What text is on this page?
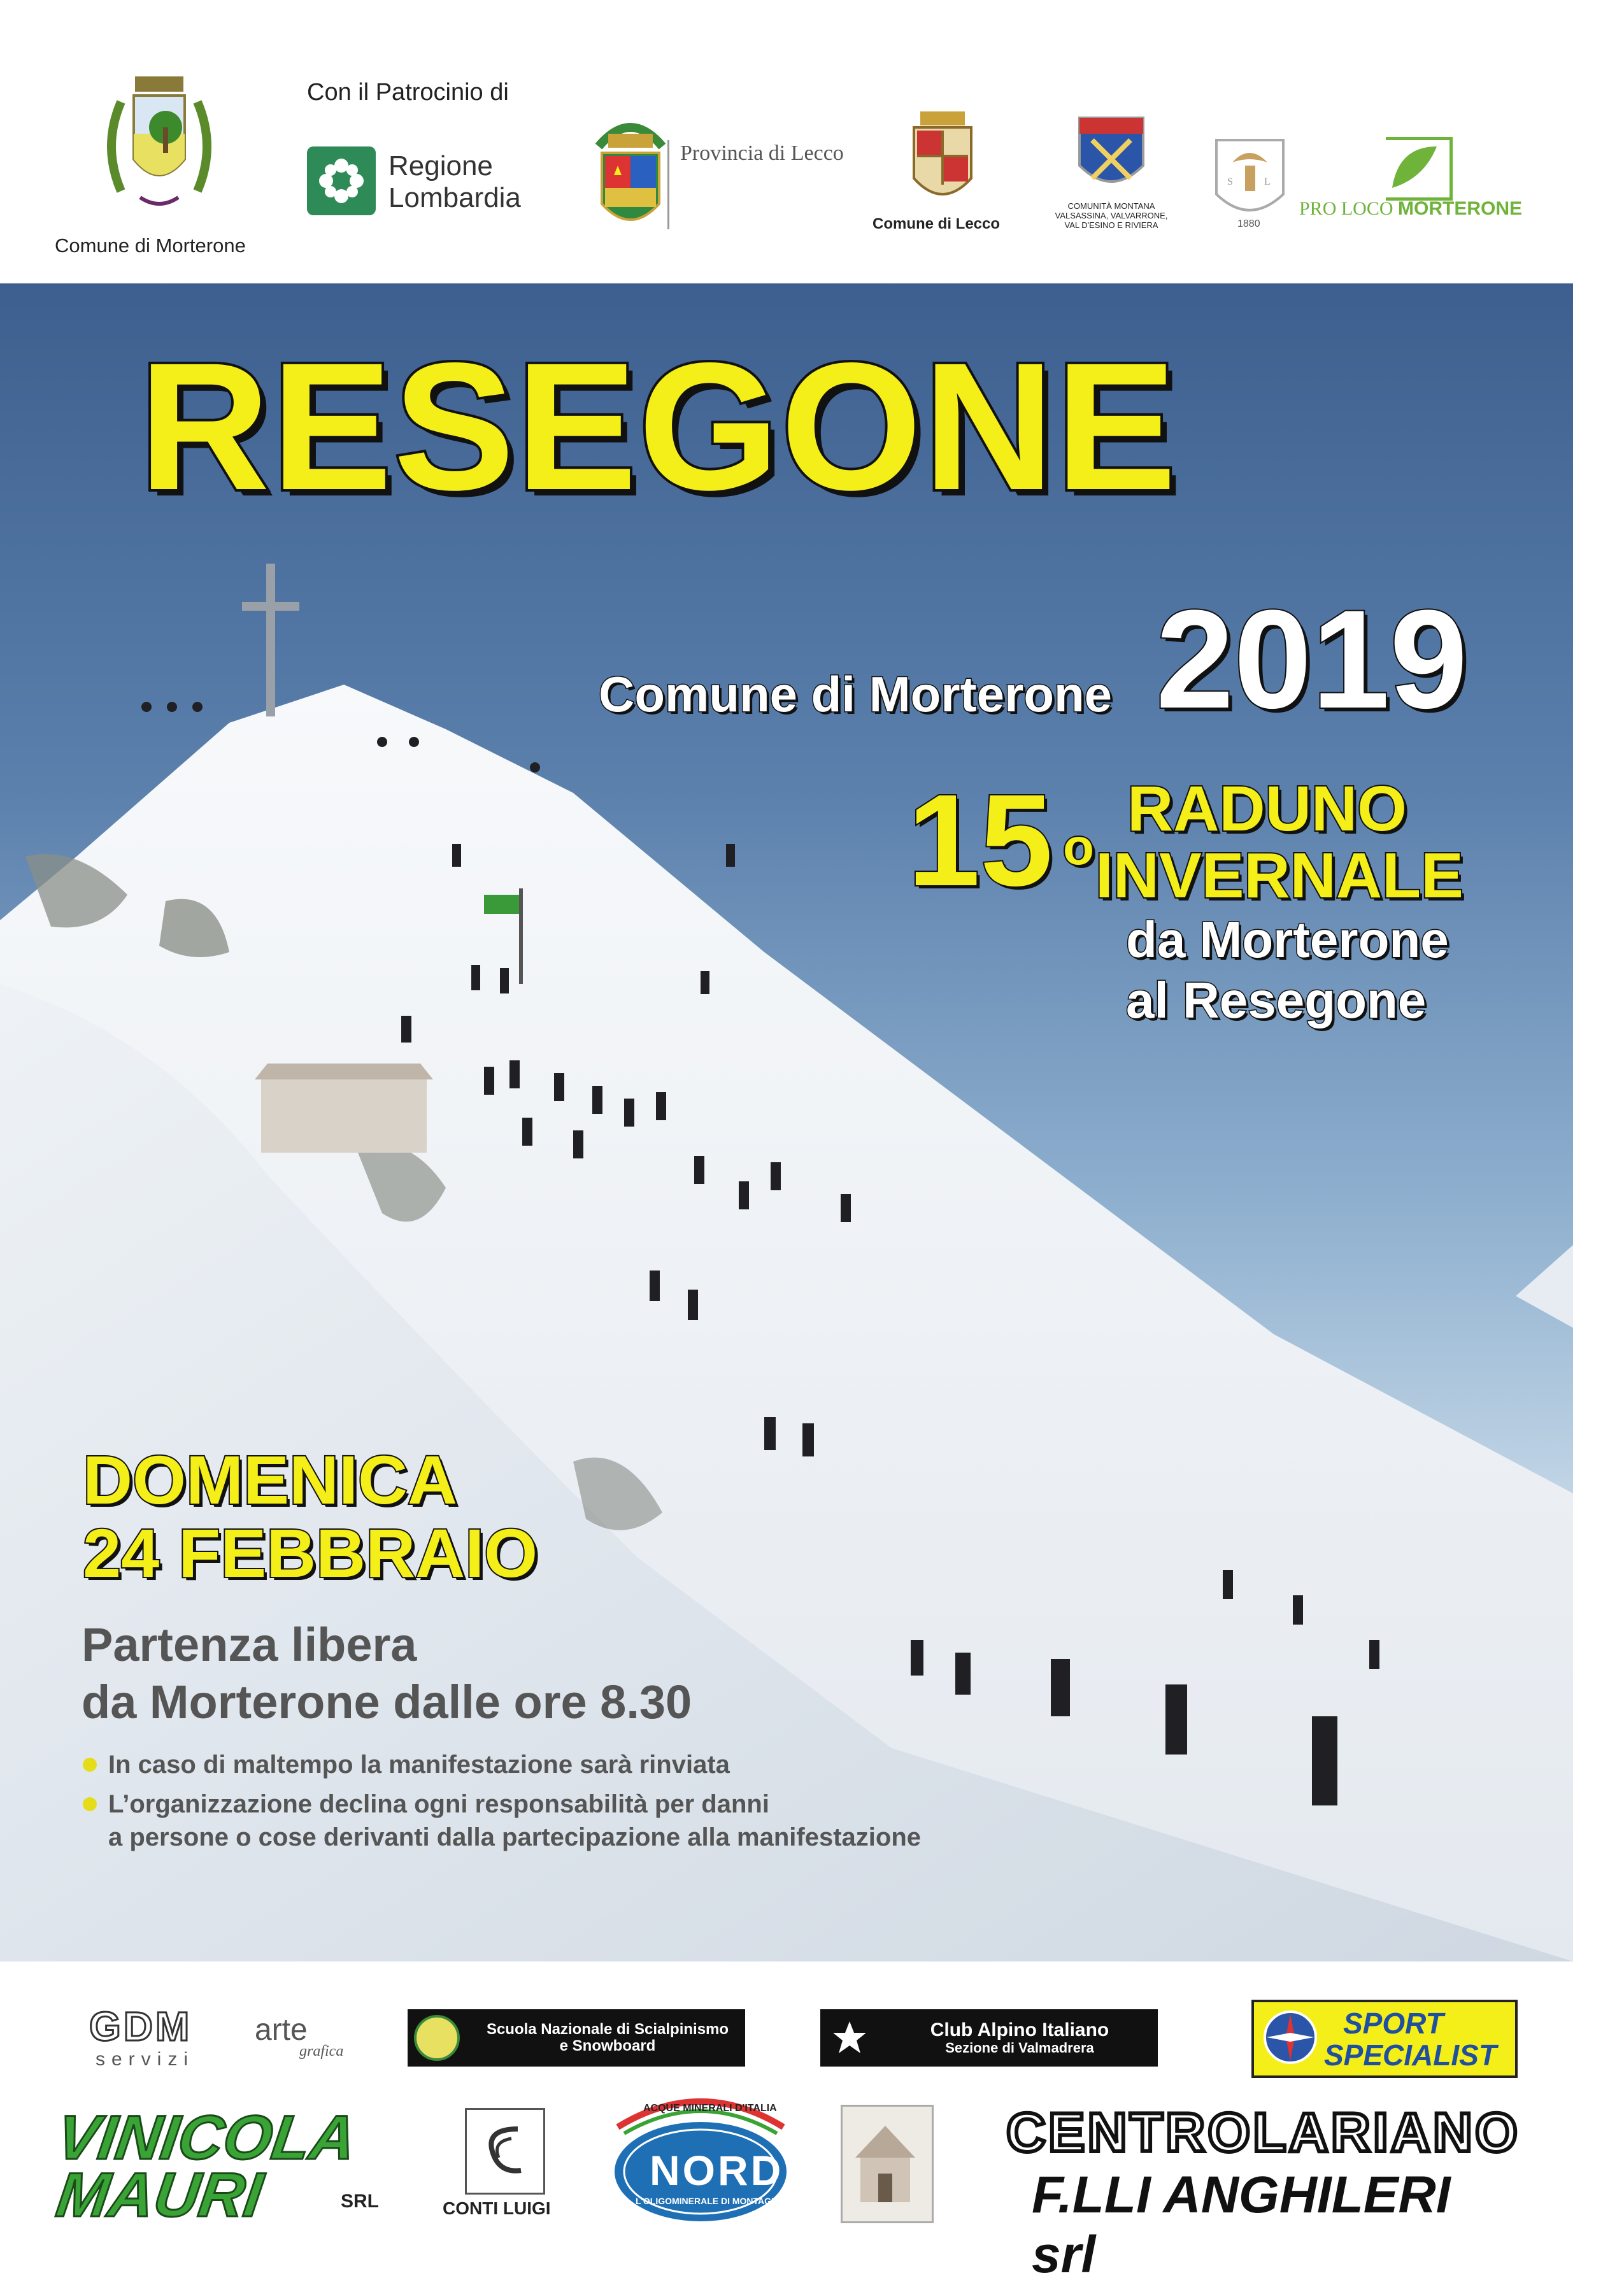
Comune di Morterone
Con il Patrocinio di
Regione
Lombardia
Provincia di Lecco
Comune di Lecco
COMUNITÀ MONTANA VALSASSINA, VALVARRONE, VAL D'ESINO E RIVIERA
S	L
1880
PRO LOCO MORTERONE
RESEGONE
Comune di Morterone 2019
15 $^o$
RADUNO
INVERNALE
da Morterone
al Resegone
DOMENICA
24 FEBBRAIO
Partenza libera
da Morterone dalle ore 8.30
In caso di maltempo la manifestazione sarà rinviata
L’organizzazione declina ogni responsabilità per danni
a persone o cose derivanti dalla partecipazione alla manifestazione
GDM
servizi
arte
grafica
Scuola Nazionale di Scialpinismo
e Snowboard
Club Alpino Italiano
Sezione di Valmadrera
SPORT
SPECIALIST
VINICOLA
MAURI	SRL	CONTI LUIGI
ACQUE MINERALI D'ITALIA
NORDA
L'OLIGOMINERALE DI MONTAGNA
CENTROLARIANO
F.LLI ANGHILERI srl
